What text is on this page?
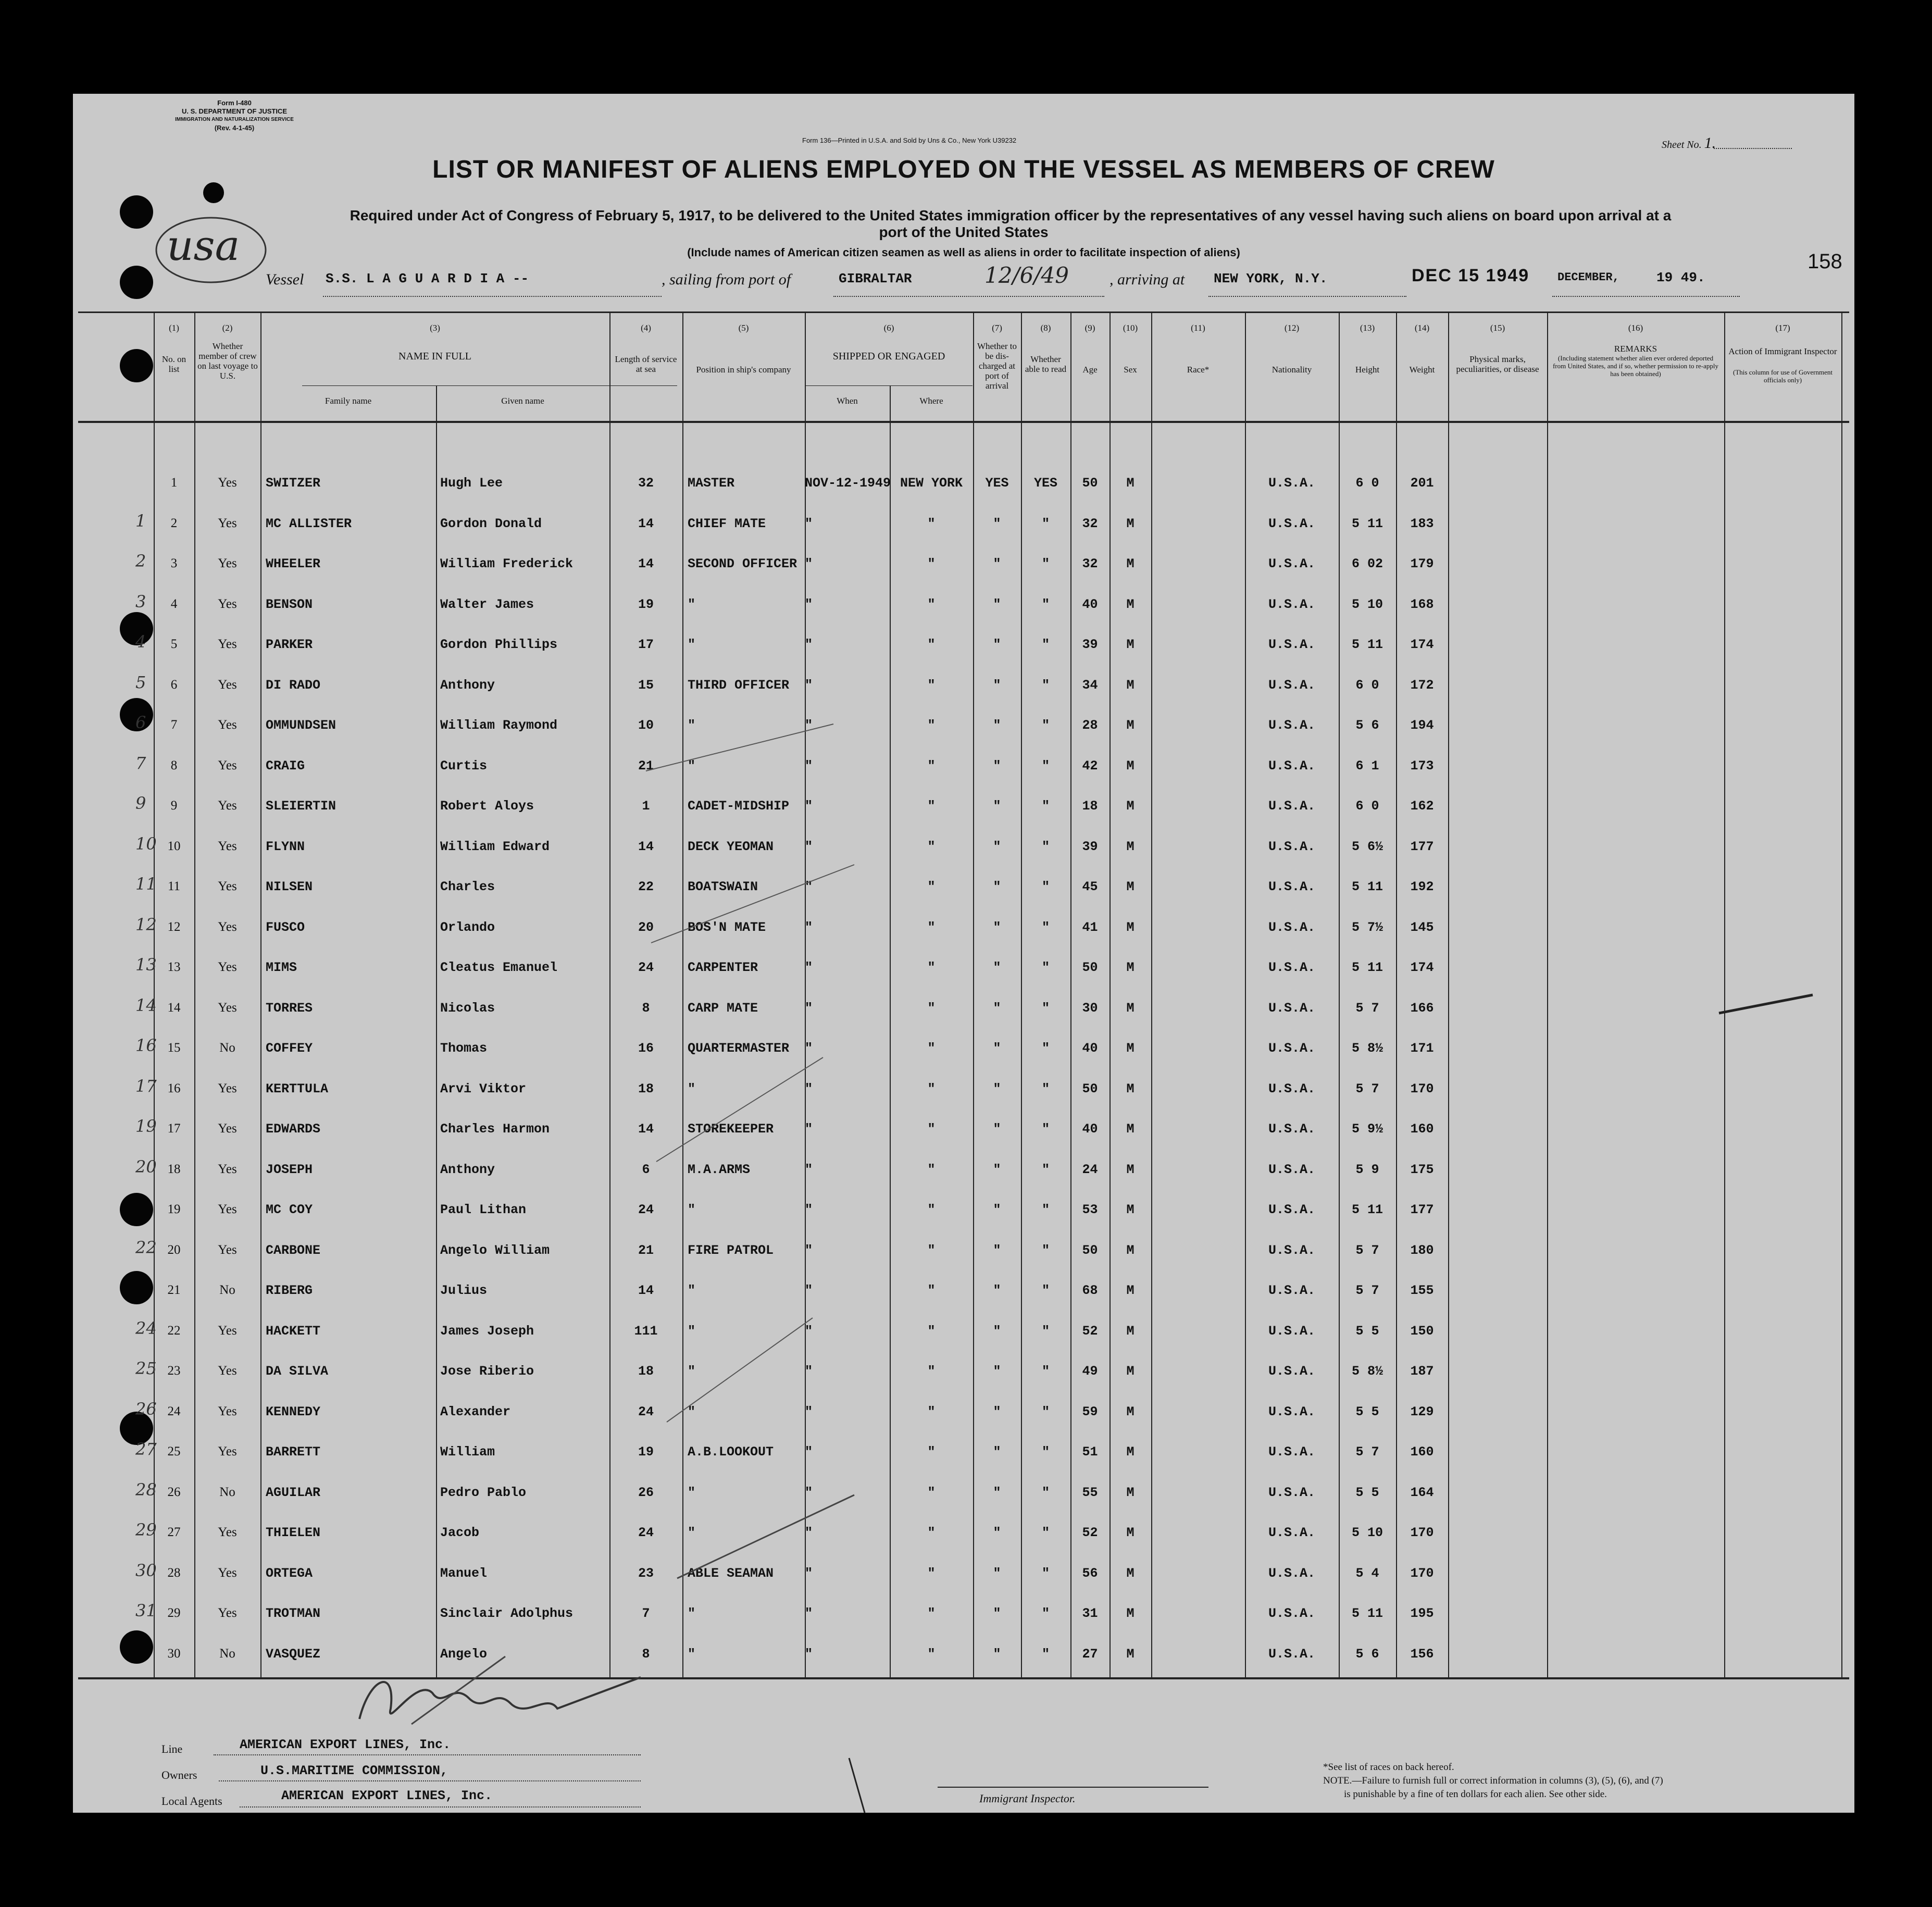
Form I-480
U. S. DEPARTMENT OF JUSTICE
IMMIGRATION AND NATURALIZATION SERVICE
(Rev. 4-1-45)
Form 136—Printed in U.S.A. and Sold by Uns & Co., New York U39232	Sheet No. 1.
LIST OR MANIFEST OF ALIENS EMPLOYED ON THE VESSEL AS MEMBERS OF CREW
Required under Act of Congress of February 5, 1917, to be delivered to the United States immigration officer by the representatives of any vessel having such aliens on board upon arrival at a
port of the United States
(Include names of American citizen seamen as well as aliens in order to facilitate inspection of aliens)
usa
Vessel S.S. L A G U A R D I A --	, sailing from port of	GIBRALTAR	12/6/49	, arriving at NEW YORK, N.Y.	DEC 15 1949 DECEMBER,	19 49.
158
(1)	(2)	(3)	(4)	(5)	(6)	(7)	(8)	(9)	(10)	(11)	(12)	(13)	(14)	(15)	(16)	(17)
No. on list
Whether member of crew on last voyage to U.S.
NAME IN FULL
Family name	Given name
Length of service at sea	Position in ship's company
SHIPPED OR ENGAGED
When	Where
Whether to be dis-charged at port of arrival
Whether able to read	Age	Sex	Race*	Nationality	Height	Weight
Physical marks, peculiarities, or disease
REMARKS
(Including statement whether alien ever ordered deported from United States, and if so, whether permission to re-apply has been obtained)
Action of Immigrant Inspector
(This column for use of Government officials only)
1	Yes	SWITZER	Hugh Lee	32	MASTER	NOV-12-1949 NEW YORK	YES	YES	50	M	U.S.A.	6 0	201
1	2	Yes	MC ALLISTER	Gordon Donald	14	CHIEF MATE	"	"	"	"	32	M	U.S.A.	5 11	183
2	3	Yes	WHEELER	William Frederick	14	SECOND OFFICER "	"	"	"	32	M	U.S.A.	6 02	179
3	4	Yes	BENSON	Walter James	19	"	"	"	"	"	40	M	U.S.A.	5 10	168
4	5	Yes	PARKER	Gordon Phillips	17	"	"	"	"	"	39	M	U.S.A.	5 11	174
5	6	Yes	DI RADO	Anthony	15	THIRD OFFICER	"	"	"	"	34	M	U.S.A.	6 0	172
6	7	Yes	OMMUNDSEN	William Raymond	10	"	"	"	"	"	28	M	U.S.A.	5 6	194
7	8	Yes	CRAIG	Curtis	21	"	"	"	"	"	42	M	U.S.A.	6 1	173
9	9	Yes	SLEIERTIN	Robert Aloys	1	CADET-MIDSHIP	"	"	"	"	18	M	U.S.A.	6 0	162
10 10	Yes	FLYNN	William Edward	14	DECK YEOMAN	"	"	"	"	39	M	U.S.A.	5 6½	177
11 11	Yes	NILSEN	Charles	22	BOATSWAIN	"	"	"	"	45	M	U.S.A.	5 11	192
12 12	Yes	FUSCO	Orlando	20	BOS'N MATE	"	"	"	"	41	M	U.S.A.	5 7½	145
13 13	Yes	MIMS	Cleatus Emanuel	24	CARPENTER	"	"	"	"	50	M	U.S.A.	5 11	174
14 14	Yes	TORRES	Nicolas	8	CARP MATE	"	"	"	"	30	M	U.S.A.	5 7	166
16 15	No	COFFEY	Thomas	16	QUARTERMASTER	"	"	"	"	40	M	U.S.A.	5 8½	171
17 16	Yes	KERTTULA	Arvi Viktor	18	"	"	"	"	"	50	M	U.S.A.	5 7	170
19 17	Yes	EDWARDS	Charles Harmon	14	STOREKEEPER	"	"	"	"	40	M	U.S.A.	5 9½	160
20 18	Yes	JOSEPH	Anthony	6	M.A.ARMS	"	"	"	"	24	M	U.S.A.	5 9	175
19	Yes	MC COY	Paul Lithan	24	"	"	"	"	"	53	M	U.S.A.	5 11	177
22 20	Yes	CARBONE	Angelo William	21	FIRE PATROL	"	"	"	"	50	M	U.S.A.	5 7	180
21	No	RIBERG	Julius	14	"	"	"	"	"	68	M	U.S.A.	5 7	155
24 22	Yes	HACKETT	James Joseph	111	"	"	"	"	"	52	M	U.S.A.	5 5	150
25 23	Yes	DA SILVA	Jose Riberio	18	"	"	"	"	"	49	M	U.S.A.	5 8½	187
26 24	Yes	KENNEDY	Alexander	24	"	"	"	"	"	59	M	U.S.A.	5 5	129
27 25	Yes	BARRETT	William	19	A.B.LOOKOUT	"	"	"	"	51	M	U.S.A.	5 7	160
28 26	No	AGUILAR	Pedro Pablo	26	"	"	"	"	"	55	M	U.S.A.	5 5	164
29 27	Yes	THIELEN	Jacob	24	"	"	"	"	"	52	M	U.S.A.	5 10	170
30 28	Yes	ORTEGA	Manuel	23	ABLE SEAMAN	"	"	"	"	56	M	U.S.A.	5 4	170
31 29	Yes	TROTMAN	Sinclair Adolphus	7	"	"	"	"	"	31	M	U.S.A.	5 11	195
30	No	VASQUEZ	Angelo	8	"	"	"	"	"	27	M	U.S.A.	5 6	156
Line	AMERICAN EXPORT LINES, Inc.
Owners	U.S.MARITIME COMMISSION,
Local Agents	AMERICAN EXPORT LINES, Inc.	Immigrant Inspector.
*See list of races on back hereof.
NOTE.—Failure to furnish full or correct information in columns (3), (5), (6), and (7)
is punishable by a fine of ten dollars for each alien. See other side.
